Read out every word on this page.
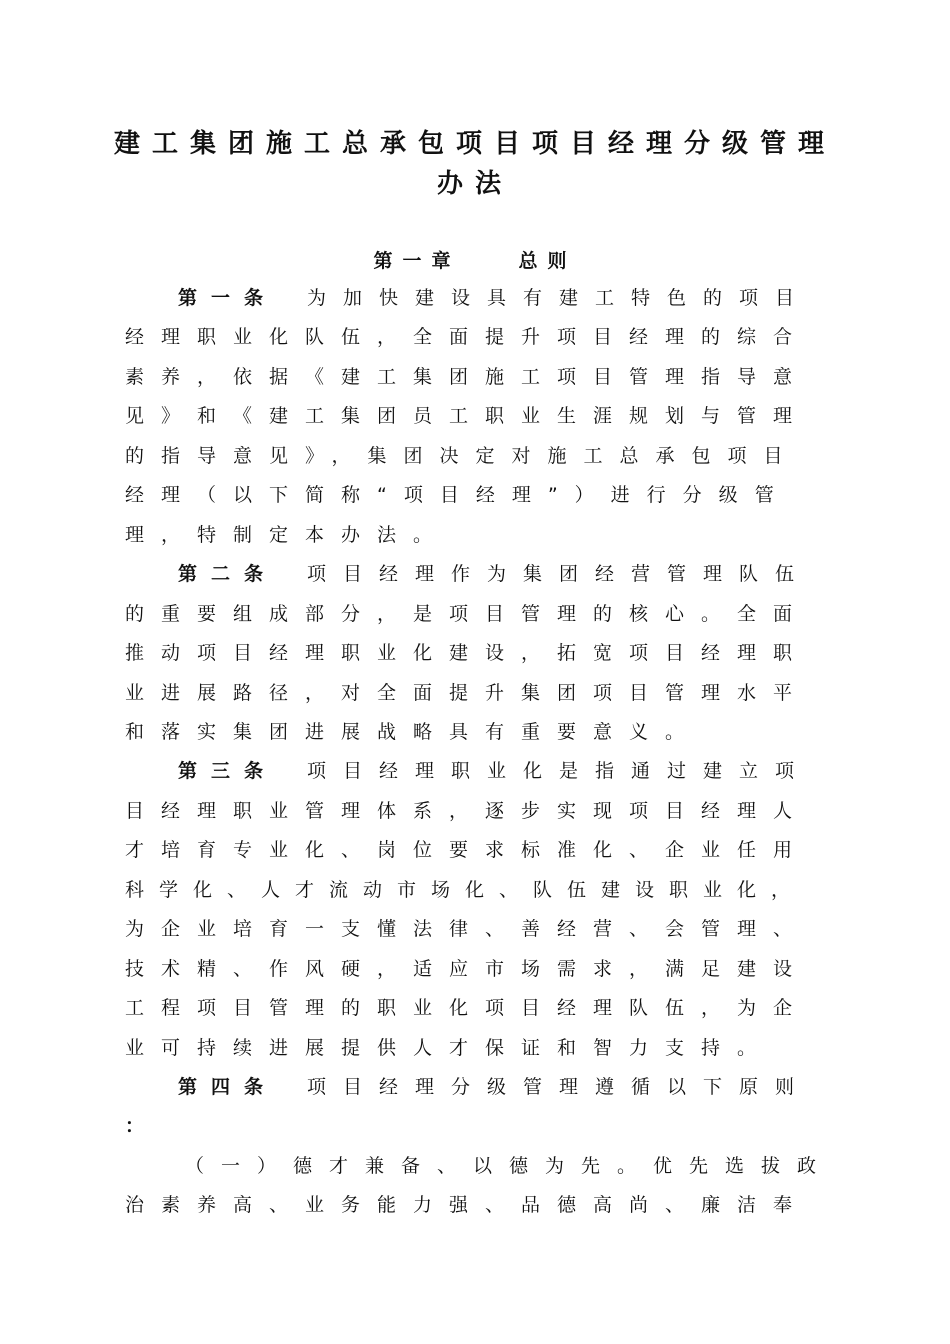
建工集团施工总承包项目项目经理分级管理
办法
第一章　　总则
第一条 为加快建设具有建工特色的项目
经理职业化队伍，全面提升项目经理的综合
素养，依据《建工集团施工项目管理指导意
见》和《建工集团员工职业生涯规划与管理
的指导意见》，集团决定对施工总承包项目
经理（以下简称“项目经理”）进行分级管
理，特制定本办法。
第二条 项目经理作为集团经营管理队伍
的重要组成部分，是项目管理的核心。全面
推动项目经理职业化建设，拓宽项目经理职
业进展路径，对全面提升集团项目管理水平
和落实集团进展战略具有重要意义。
第三条 项目经理职业化是指通过建立项
目经理职业管理体系，逐步实现项目经理人
才培育专业化、岗位要求标准化、企业任用
科学化、人才流动市场化、队伍建设职业化，
为企业培育一支懂法律、善经营、会管理、
技术精、作风硬，适应市场需求，满足建设
工程项目管理的职业化项目经理队伍，为企
业可持续进展提供人才保证和智力支持。
第四条 项目经理分级管理遵循以下原则
：
（一）德才兼备、以德为先。优先选拔政
治素养高、业务能力强、品德高尚、廉洁奉
